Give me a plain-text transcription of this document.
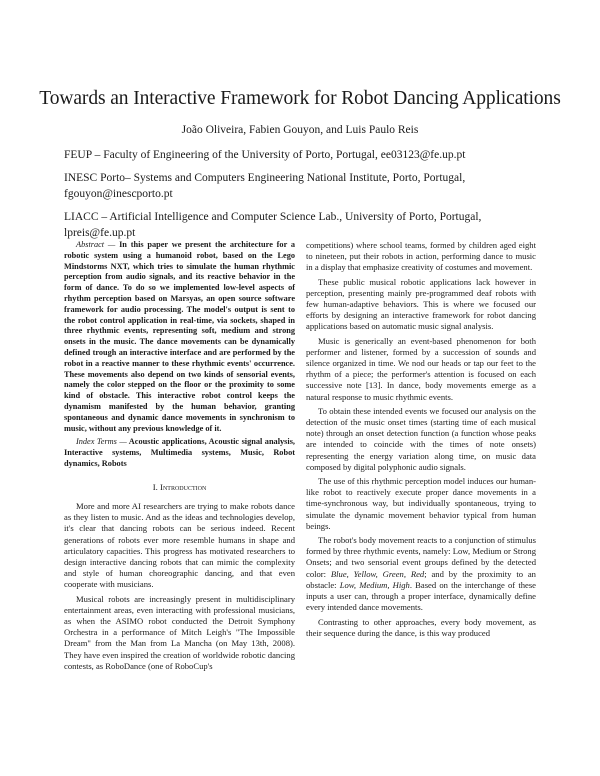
Towards an Interactive Framework for Robot Dancing Applications
João Oliveira, Fabien Gouyon, and Luis Paulo Reis
FEUP – Faculty of Engineering of the University of Porto, Portugal, ee03123@fe.up.pt
INESC Porto– Systems and Computers Engineering National Institute, Porto, Portugal, fgouyon@inescporto.pt
LIACC – Artificial Intelligence and Computer Science Lab., University of Porto, Portugal, lpreis@fe.up.pt

Abstract — In this paper we present the architecture for a robotic system using a humanoid robot, based on the Lego Mindstorms NXT, which tries to simulate the human rhythmic perception from audio signals, and its reactive behavior in the form of dance. To do so we implemented low-level aspects of rhythm perception based on Marsyas, an open source software framework for audio processing. The model's output is sent to the robot control application in real-time, via sockets, shaped in three rhythmic events, representing soft, medium and strong onsets in the music. The dance movements can be dynamically defined trough an interactive interface and are performed by the robot in a reactive manner to these rhythmic events' occurrence. These movements also depend on two kinds of sensorial events, namely the color stepped on the floor or the proximity to some kind of obstacle. This interactive robot control keeps the dynamism manifested by the human behavior, granting spontaneous and dynamic dance movements in synchronism to music, without any previous knowledge of it.

Index Terms — Acoustic applications, Acoustic signal analysis, Interactive systems, Multimedia systems, Music, Robot dynamics, Robots

I. Introduction

More and more AI researchers are trying to make robots dance as they listen to music. And as the ideas and technologies develop, it's clear that dancing robots can be serious indeed. Recent generations of robots ever more resemble humans in shape and articulatory capacities. This progress has motivated researchers to design interactive dancing robots that can mimic the complexity and style of human choreographic dancing, and that even cooperate with musicians.

Musical robots are increasingly present in multidisciplinary entertainment areas, even interacting with professional musicians, as when the ASIMO robot conducted the Detroit Symphony Orchestra in a performance of Mitch Leigh's "The Impossible Dream" from the Man from La Mancha (on May 13th, 2008). They have even inspired the creation of worldwide robotic dancing contests, as RoboDance (one of RoboCup's

competitions) where school teams, formed by children aged eight to nineteen, put their robots in action, performing dance to music in a display that emphasize creativity of costumes and movement.

These public musical robotic applications lack however in perception, presenting mainly pre-programmed deaf robots with few human-adaptive behaviors. This is where we focused our efforts by designing an interactive framework for robot dancing applications based on automatic music signal analysis.

Music is generically an event-based phenomenon for both performer and listener, formed by a succession of sounds and silence organized in time. We nod our heads or tap our feet to the rhythm of a piece; the performer's attention is focused on each successive note [13]. In dance, body movements emerge as a natural response to music rhythmic events.

To obtain these intended events we focused our analysis on the detection of the music onset times (starting time of each musical note) through an onset detection function (a function whose peaks are intended to coincide with the times of note onsets) representing the energy variation along time, on music data composed by digital polyphonic audio signals.

The use of this rhythmic perception model induces our human-like robot to reactively execute proper dance movements in a time-synchronous way, but individually spontaneous, trying to simulate the dynamic movement behavior typical from human beings.

The robot's body movement reacts to a conjunction of stimulus formed by three rhythmic events, namely: Low, Medium or Strong Onsets; and two sensorial event groups defined by the detected color: Blue, Yellow, Green, Red; and by the proximity to an obstacle: Low, Medium, High. Based on the interchange of these inputs a user can, through a proper interface, dynamically define every intended dance movements.

Contrasting to other approaches, every body movement, as their sequence during the dance, is this way produced
